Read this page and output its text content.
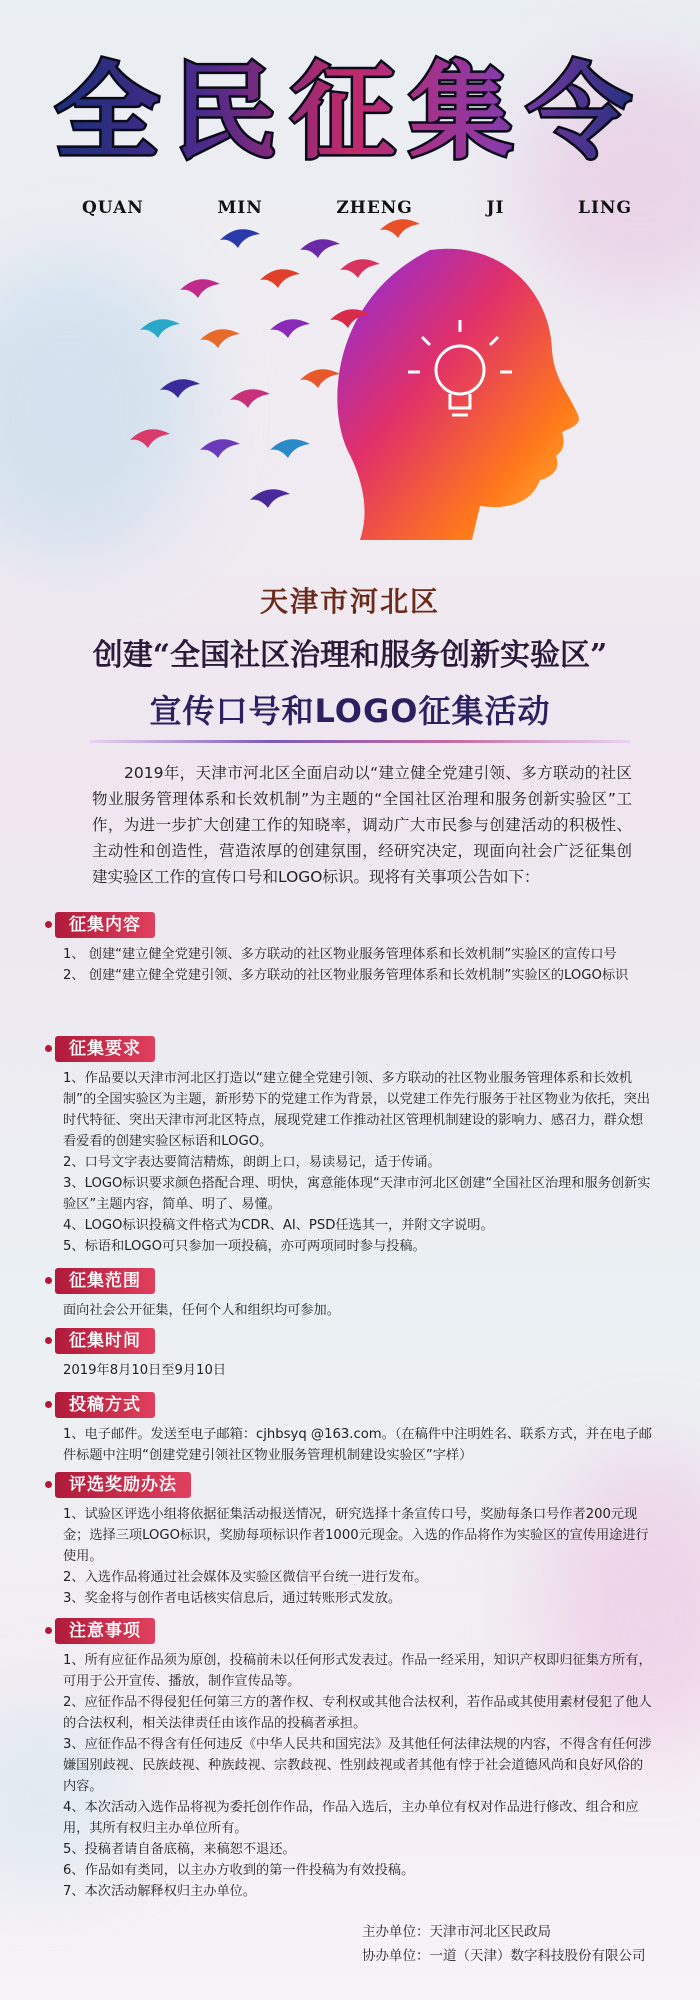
全民征集令
QUAN	MIN	ZHENG	JI	LING

天津市河北区

创建“全国社区治理和服务创新实验区”

宣传口号和LOGO征集活动

2019年，天津市河北区全面启动以“建立健全党建引领、多方联动的社区物业服务管理体系和长效机制”为主题的“全国社区治理和服务创新实验区”工作，为进一步扩大创建工作的知晓率，调动广大市民参与创建活动的积极性、主动性和创造性，营造浓厚的创建氛围，经研究决定，现面向社会广泛征集创建实验区工作的宣传口号和LOGO标识。现将有关事项公告如下：

征集内容

1、 创建“建立健全党建引领、多方联动的社区物业服务管理体系和长效机制”实验区的宣传口号

2、 创建“建立健全党建引领、多方联动的社区物业服务管理体系和长效机制”实验区的LOGO标识

征集要求

1、作品要以天津市河北区打造以“建立健全党建引领、多方联动的社区物业服务管理体系和长效机制”的全国实验区为主题，新形势下的党建工作为背景，以党建工作先行服务于社区物业为依托，突出时代特征、突出天津市河北区特点，展现党建工作推动社区管理机制建设的影响力、感召力，群众想看爱看的创建实验区标语和LOGO。

2、口号文字表达要简洁精炼，朗朗上口，易读易记，适于传诵。

3、LOGO标识要求颜色搭配合理、明快，寓意能体现“天津市河北区创建“全国社区治理和服务创新实验区”主题内容，简单、明了、易懂。

4、LOGO标识投稿文件格式为CDR、AI、PSD任选其一，并附文字说明。

5、标语和LOGO可只参加一项投稿，亦可两项同时参与投稿。

征集范围

面向社会公开征集，任何个人和组织均可参加。

征集时间

2019年8月10日至9月10日

投稿方式

1、电子邮件。发送至电子邮箱：cjhbsyq @163.com。（在稿件中注明姓名、联系方式，并在电子邮件标题中注明“创建党建引领社区物业服务管理机制建设实验区”字样）

评选奖励办法

1、试验区评选小组将依据征集活动报送情况，研究选择十条宣传口号，奖励每条口号作者200元现金；选择三项LOGO标识，奖励每项标识作者1000元现金。入选的作品将作为实验区的宣传用途进行使用。

2、入选作品将通过社会媒体及实验区微信平台统一进行发布。

3、奖金将与创作者电话核实信息后，通过转账形式发放。

注意事项

1、所有应征作品须为原创，投稿前未以任何形式发表过。作品一经采用，知识产权即归征集方所有，可用于公开宣传、播放，制作宣传品等。

2、应征作品不得侵犯任何第三方的著作权、专利权或其他合法权利，若作品或其使用素材侵犯了他人的合法权利，相关法律责任由该作品的投稿者承担。

3、应征作品不得含有任何违反《中华人民共和国宪法》及其他任何法律法规的内容，不得含有任何涉嫌国别歧视、民族歧视、种族歧视、宗教歧视、性别歧视或者其他有悖于社会道德风尚和良好风俗的内容。

4、本次活动入选作品将视为委托创作作品，作品入选后，主办单位有权对作品进行修改、组合和应用，其所有权归主办单位所有。

5、投稿者请自备底稿，来稿恕不退还。

6、作品如有类同，以主办方收到的第一件投稿为有效投稿。

7、本次活动解释权归主办单位。

主办单位：天津市河北区民政局

协办单位：一道（天津）数字科技股份有限公司
